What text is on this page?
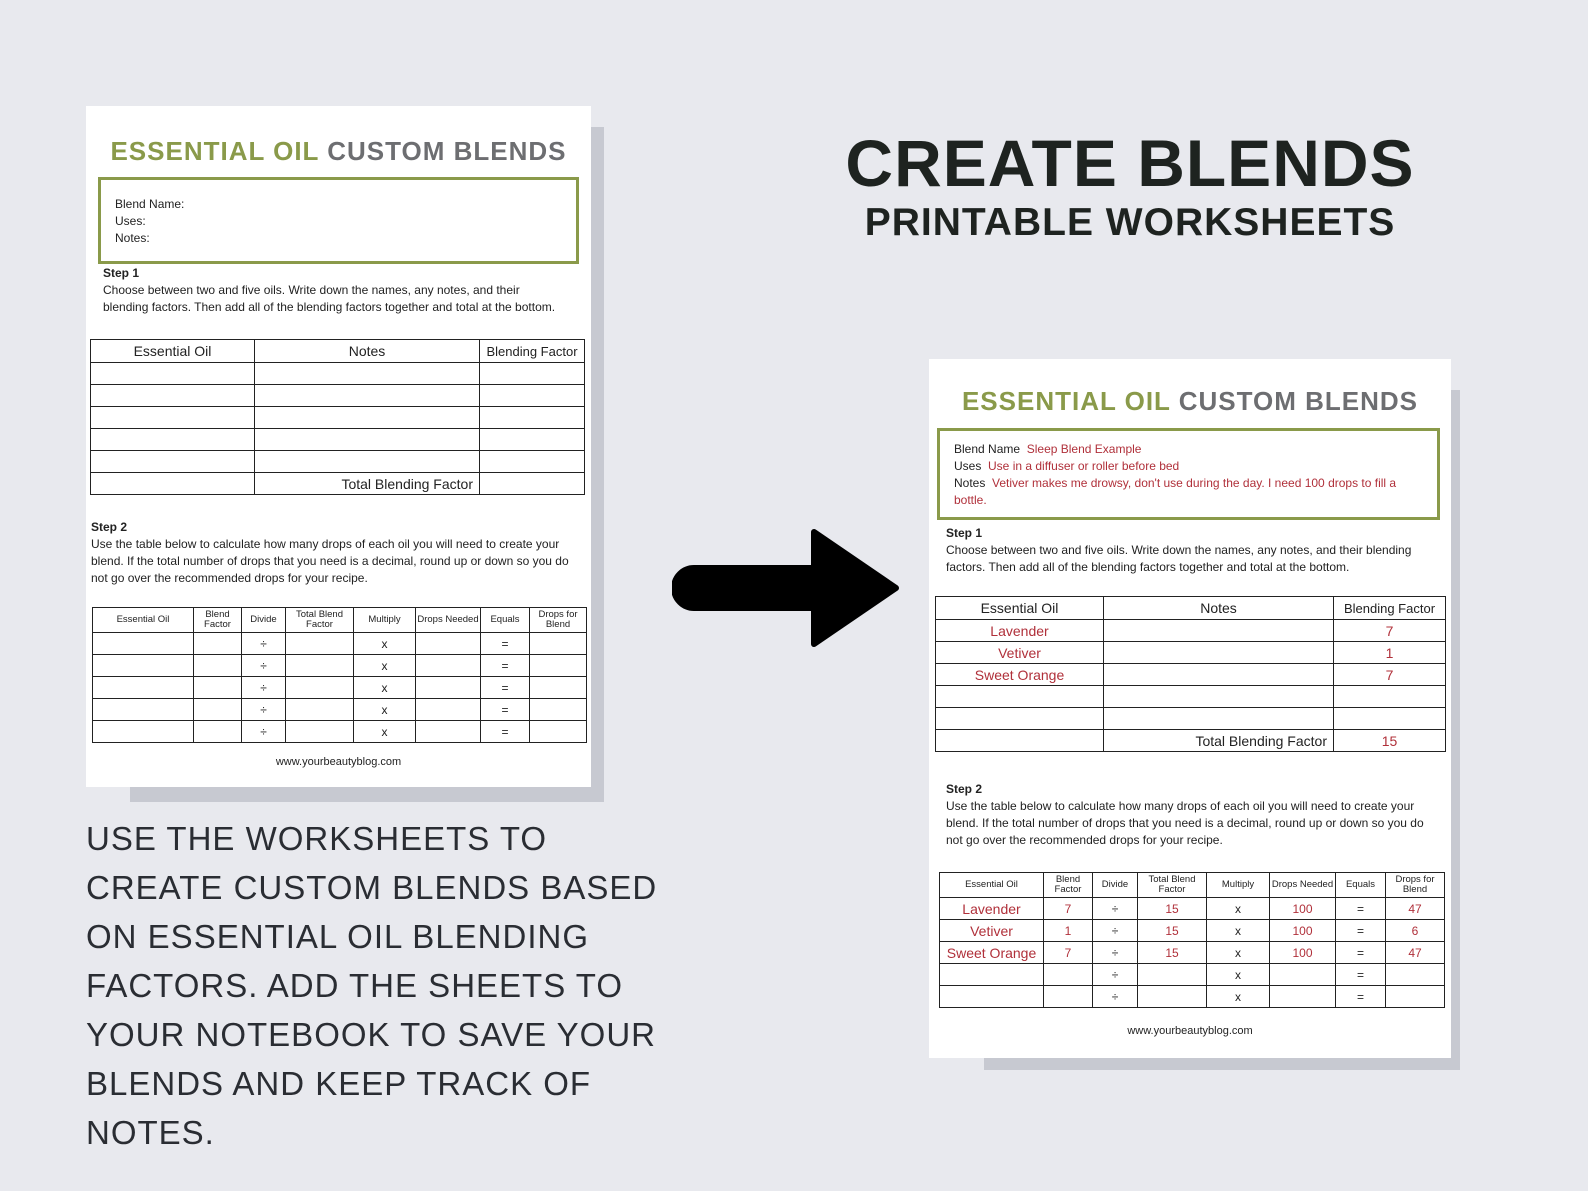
ESSENTIAL OIL CUSTOM BLENDS
Blend Name:
Uses:
Notes:
Step 1
Choose between two and five oils. Write down the names, any notes, and their blending factors. Then add all of the blending factors together and total at the bottom.
Essential Oil	Notes	Blending Factor

	Total Blending Factor	
Step 2
Use the table below to calculate how many drops of each oil you will need to create your blend. If the total number of drops that you need is a decimal, round up or down so you do not go over the recommended drops for your recipe.
Essential Oil	Blend Factor	Divide	Total Blend Factor	Multiply	Drops Needed	Equals	Drops for Blend
		÷		x		=	
		÷		x		=	
		÷		x		=	
		÷		x		=	
		÷		x		=	
www.yourbeautyblog.com
CREATE BLENDS
PRINTABLE WORKSHEETS
USE THE WORKSHEETS TO CREATE CUSTOM BLENDS BASED ON ESSENTIAL OIL BLENDING FACTORS. ADD THE SHEETS TO YOUR NOTEBOOK TO SAVE YOUR BLENDS AND KEEP TRACK OF NOTES.
ESSENTIAL OIL CUSTOM BLENDS
Blend Name Sleep Blend Example
Uses Use in a diffuser or roller before bed
Notes Vetiver makes me drowsy, don't use during the day. I need 100 drops to fill a bottle.
Step 1
Choose between two and five oils. Write down the names, any notes, and their blending factors. Then add all of the blending factors together and total at the bottom.
Essential Oil	Notes	Blending Factor
Lavender		7
Vetiver		1
Sweet Orange		7

	Total Blending Factor	15
Step 2
Use the table below to calculate how many drops of each oil you will need to create your blend. If the total number of drops that you need is a decimal, round up or down so you do not go over the recommended drops for your recipe.
Essential Oil	Blend Factor	Divide	Total Blend Factor	Multiply	Drops Needed	Equals	Drops for Blend
Lavender	7	÷	15	x	100	=	47
Vetiver	1	÷	15	x	100	=	6
Sweet Orange	7	÷	15	x	100	=	47
		÷		x		=	
		÷		x		=	
www.yourbeautyblog.com
